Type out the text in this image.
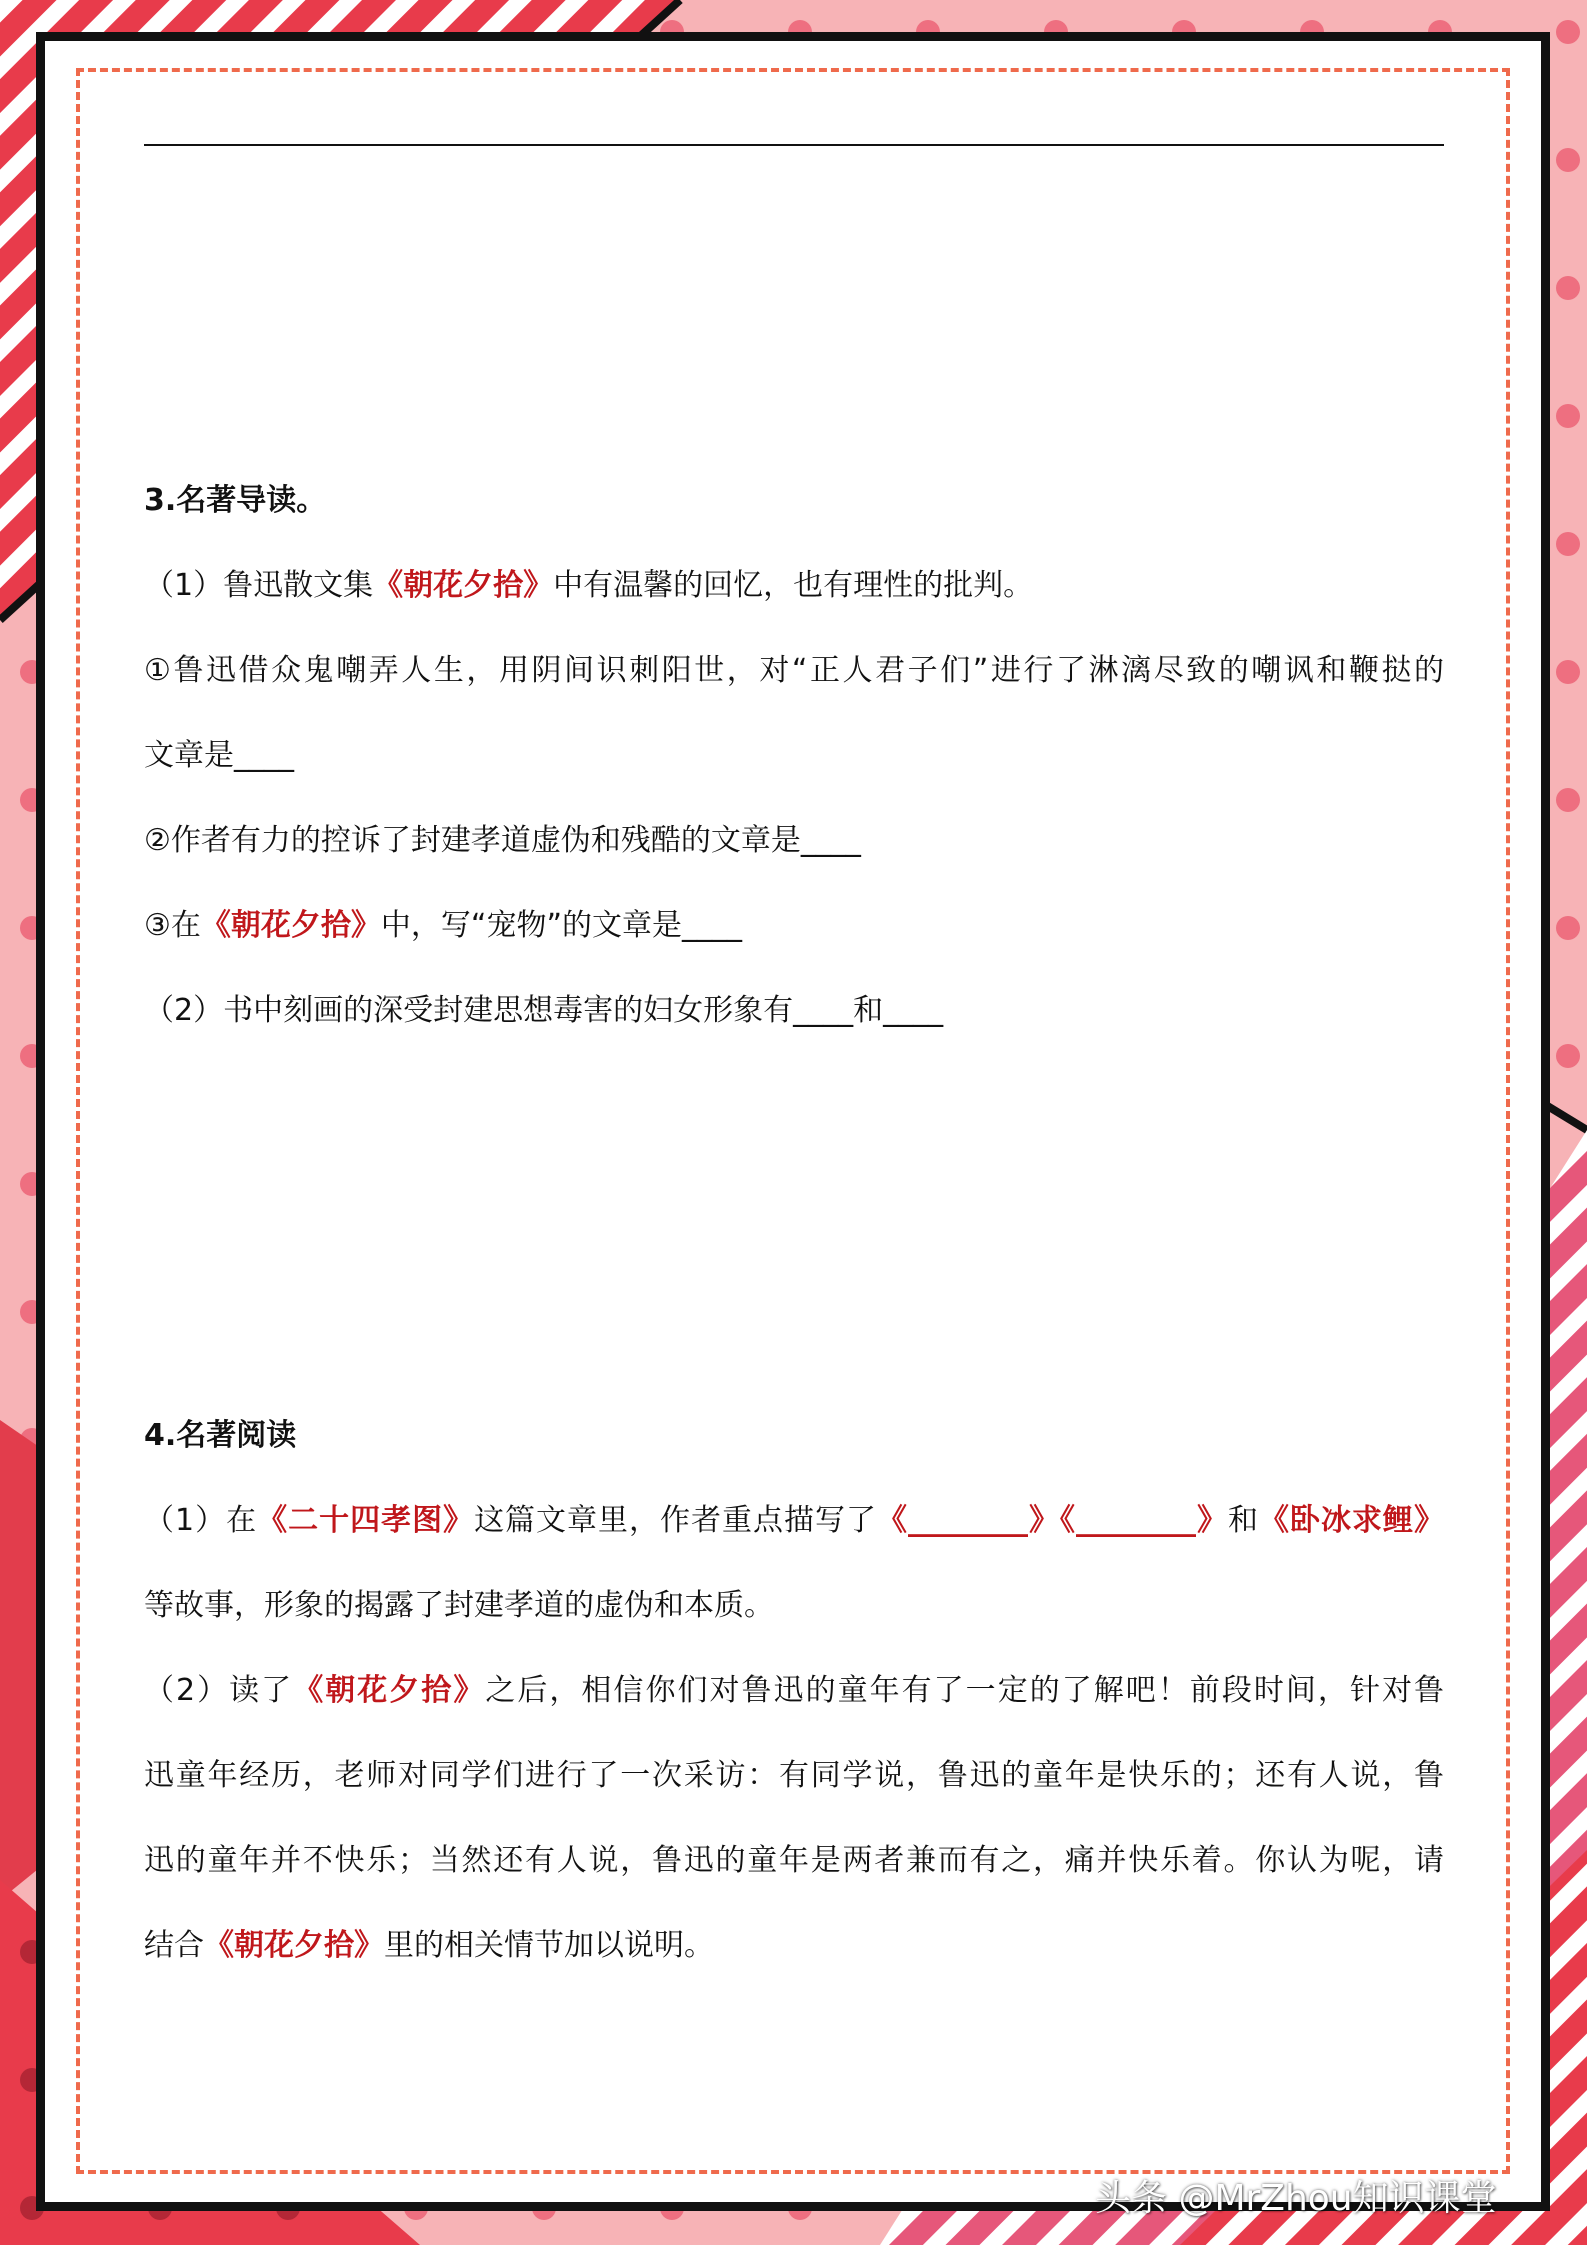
3.名著导读。
（1）鲁迅散文集《朝花夕拾》中有温馨的回忆，也有理性的批判。
①鲁迅借众鬼嘲弄人生，用阴间识刺阳世，对“正人君子们”进行了淋漓尽致的嘲讽和鞭挞的
文章是____
②作者有力的控诉了封建孝道虚伪和残酷的文章是____
③在《朝花夕拾》中，写“宠物”的文章是____
（2）书中刻画的深受封建思想毒害的妇女形象有____和____
4.名著阅读
（1）在《二十四孝图》这篇文章里，作者重点描写了《________》《________》和《卧冰求鲤》
等故事，形象的揭露了封建孝道的虚伪和本质。
（2）读了《朝花夕拾》之后，相信你们对鲁迅的童年有了一定的了解吧！前段时间，针对鲁
迅童年经历，老师对同学们进行了一次采访：有同学说，鲁迅的童年是快乐的；还有人说，鲁
迅的童年并不快乐；当然还有人说，鲁迅的童年是两者兼而有之，痛并快乐着。你认为呢，请
结合《朝花夕拾》里的相关情节加以说明。
头条 @MrZhou知识课堂
